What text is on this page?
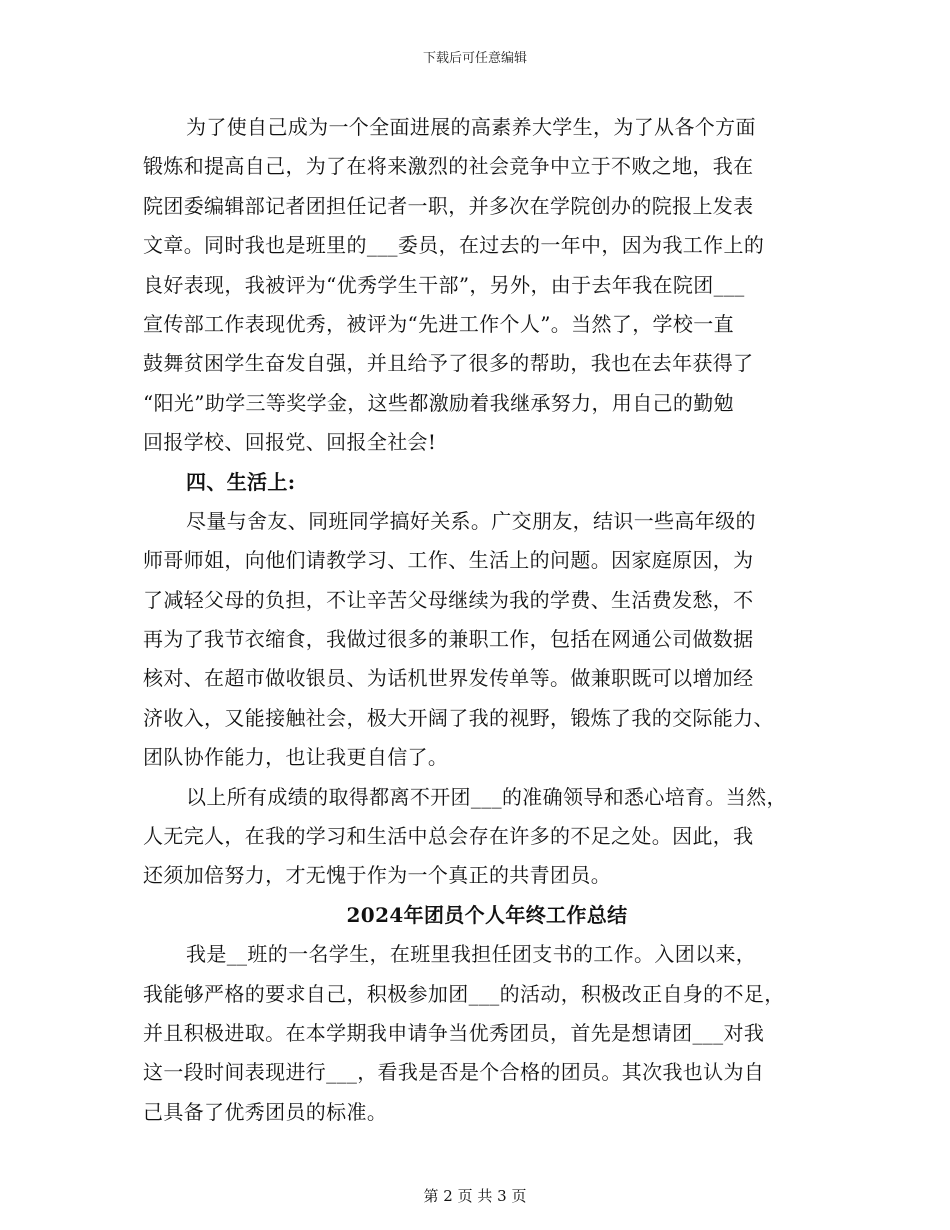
下载后可任意编辑
为了使自己成为一个全面进展的高素养大学生，为了从各个方面
锻炼和提高自己，为了在将来激烈的社会竞争中立于不败之地，我在
院团委编辑部记者团担任记者一职，并多次在学院创办的院报上发表
文章。同时我也是班里的___委员，在过去的一年中，因为我工作上的
良好表现，我被评为“优秀学生干部”，另外，由于去年我在院团___
宣传部工作表现优秀，被评为“先进工作个人”。当然了，学校一直
鼓舞贫困学生奋发自强，并且给予了很多的帮助，我也在去年获得了
“阳光”助学三等奖学金，这些都激励着我继承努力，用自己的勤勉
回报学校、回报党、回报全社会!
四、生活上:
尽量与舍友、同班同学搞好关系。广交朋友，结识一些高年级的
师哥师姐，向他们请教学习、工作、生活上的问题。因家庭原因，为
了减轻父母的负担，不让辛苦父母继续为我的学费、生活费发愁，不
再为了我节衣缩食，我做过很多的兼职工作，包括在网通公司做数据
核对、在超市做收银员、为话机世界发传单等。做兼职既可以增加经
济收入，又能接触社会，极大开阔了我的视野，锻炼了我的交际能力、
团队协作能力，也让我更自信了。
以上所有成绩的取得都离不开团___的准确领导和悉心培育。当然，
人无完人，在我的学习和生活中总会存在许多的不足之处。因此，我
还须加倍努力，才无愧于作为一个真正的共青团员。
2024年团员个人年终工作总结
我是__班的一名学生，在班里我担任团支书的工作。入团以来，
我能够严格的要求自己，积极参加团___的活动，积极改正自身的不足，
并且积极进取。在本学期我申请争当优秀团员，首先是想请团___对我
这一段时间表现进行___，看我是否是个合格的团员。其次我也认为自
己具备了优秀团员的标准。
第 2 页 共 3 页
